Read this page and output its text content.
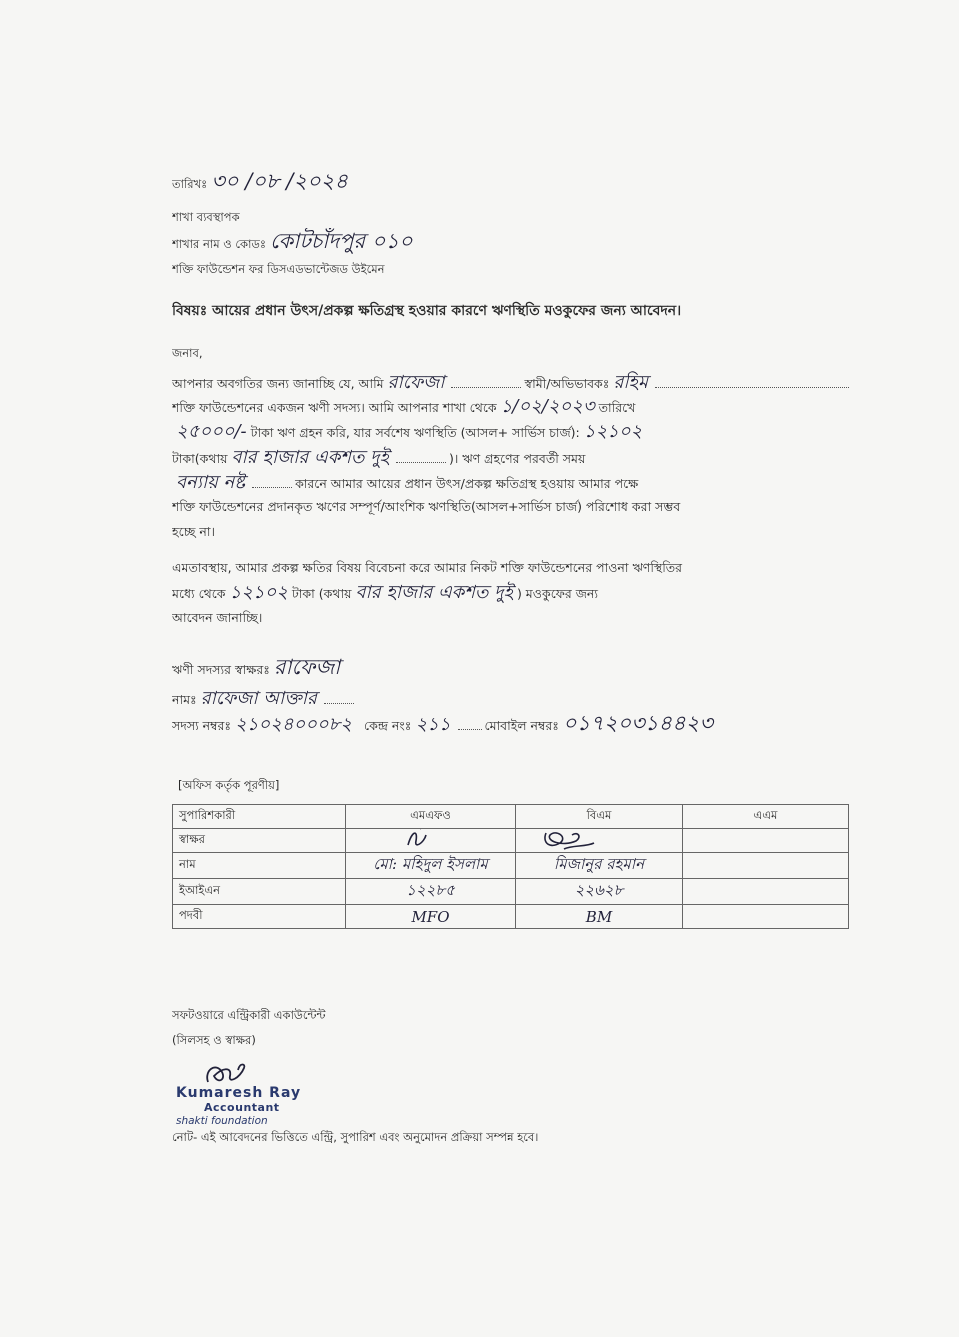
তারিখঃ ৩০ /০৮ /২০২৪
শাখা ব্যবস্থাপক
শাখার নাম ও কোডঃ কোটচাঁদপুর ০১০
শক্তি ফাউন্ডেশন ফর ডিসএডভান্টেজড উইমেন
বিষয়ঃ আয়ের প্রধান উৎস/প্রকল্প ক্ষতিগ্রস্থ হওয়ার কারণে ঋণস্থিতি মওকুফের জন্য আবেদন।
জনাব,
আপনার অবগতির জন্য জানাচ্ছি যে, আমি রাফেজা	স্বামী/অভিভাবকঃ রহিম
শক্তি ফাউন্ডেশনের একজন ঋণী সদস্য। আমি আপনার শাখা থেকে ১/০২/২০২৩ তারিখে
২৫০০০/- টাকা ঋণ গ্রহন করি, যার সর্বশেষ ঋণস্থিতি (আসল+ সার্ভিস চার্জ): ১২১০২
টাকা(কথায় বার হাজার একশত দুই	)। ঋণ গ্রহণের পরবর্তী সময়
বন্যায় নষ্ট	কারনে আমার আয়ের প্রধান উৎস/প্রকল্প ক্ষতিগ্রস্থ হওয়ায় আমার পক্ষে
শক্তি ফাউন্ডেশনের প্রদানকৃত ঋণের সম্পূর্ণ/আংশিক ঋণস্থিতি(আসল+সার্ভিস চার্জ) পরিশোধ করা সম্ভব
হচ্ছে না।
এমতাবস্থায়, আমার প্রকল্প ক্ষতির বিষয় বিবেচনা করে আমার নিকট শক্তি ফাউন্ডেশনের পাওনা ঋণস্থিতির
মধ্যে থেকে ১২১০২ টাকা (কথায় বার হাজার একশত দুই ) মওকুফের জন্য
আবেদন জানাচ্ছি।
ঋণী সদস্যর স্বাক্ষরঃ রাফেজা
নামঃ রাফেজা আক্তার
সদস্য নম্বরঃ ২১০২৪০০০৮২ কেন্দ্র নংঃ ২১১	মোবাইল নম্বরঃ ০১৭২০৩১৪৪২৩
[অফিস কর্তৃক পূরণীয়]
সুপারিশকারী	এমএফও	বিএম	এএম
স্বাক্ষর	

নাম	মো: মহিদুল ইসলাম	মিজানুর রহমান	
ইআইএন	১২২৮৫	২২৬২৮	
পদবী	MFO	BM	
সফটওয়ারে এন্ট্রিকারী একাউন্টেন্ট
(সিলসহ ও স্বাক্ষর)
Kumaresh Ray
Accountant
shakti foundation
নোট- এই আবেদনের ভিত্তিতে এন্ট্রি, সুপারিশ এবং অনুমোদন প্রক্রিয়া সম্পন্ন হবে।
